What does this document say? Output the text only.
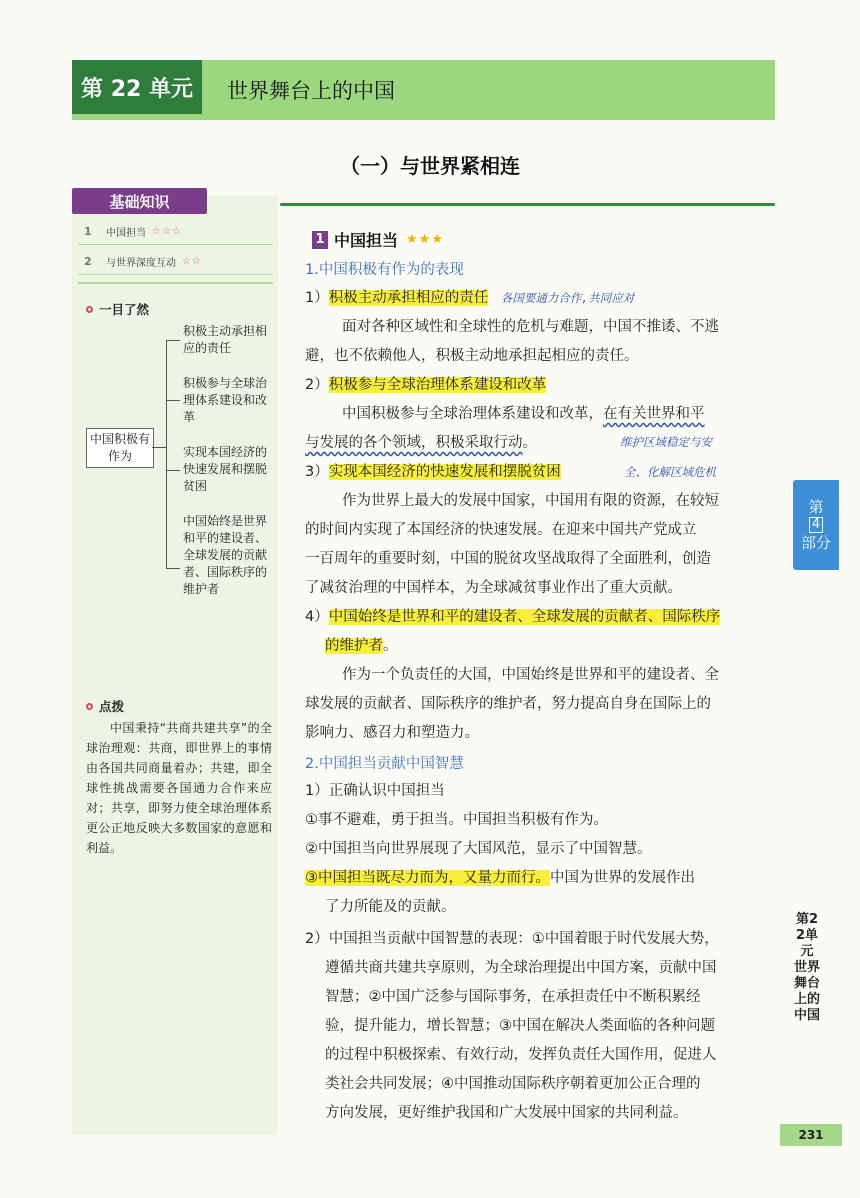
第 22 单元	世界舞台上的中国
（一）与世界紧相连
基础知识
1	中国担当 ☆☆☆
2	与世界深度互动 ☆☆
一目了然
中国积极有作为
积极主动承担相应的责任
积极参与全球治理体系建设和改革
实现本国经济的快速发展和摆脱贫困
中国始终是世界和平的建设者、全球发展的贡献者、国际秩序的维护者
点拨
中国秉持“共商共建共享”的全球治理观：共商，即世界上的事情由各国共同商量着办；共建，即全球性挑战需要各国通力合作来应对；共享，即努力使全球治理体系更公正地反映大多数国家的意愿和利益。
1 中国担当 ★★★
1.中国积极有作为的表现
1）积极主动承担相应的责任 各国要通力合作,共同应对
面对各种区域性和全球性的危机与难题，中国不推诿、不逃
避，也不依赖他人，积极主动地承担起相应的责任。
2）积极参与全球治理体系建设和改革
中国积极参与全球治理体系建设和改革，在有关世界和平
与发展的各个领域，积极采取行动。	维护区域稳定与安
3）实现本国经济的快速发展和摆脱贫困	全、化解区域危机
作为世界上最大的发展中国家，中国用有限的资源，在较短
的时间内实现了本国经济的快速发展。在迎来中国共产党成立
一百周年的重要时刻，中国的脱贫攻坚战取得了全面胜利，创造
了减贫治理的中国样本，为全球减贫事业作出了重大贡献。
4）中国始终是世界和平的建设者、全球发展的贡献者、国际秩序
的维护者。
作为一个负责任的大国，中国始终是世界和平的建设者、全
球发展的贡献者、国际秩序的维护者，努力提高自身在国际上的
影响力、感召力和塑造力。
2.中国担当贡献中国智慧
1）正确认识中国担当
①事不避难，勇于担当。中国担当积极有作为。
②中国担当向世界展现了大国风范，显示了中国智慧。
③中国担当既尽力而为，又量力而行。中国为世界的发展作出
了力所能及的贡献。
2）中国担当贡献中国智慧的表现：①中国着眼于时代发展大势，
遵循共商共建共享原则，为全球治理提出中国方案，贡献中国
智慧；②中国广泛参与国际事务，在承担责任中不断积累经
验，提升能力，增长智慧；③中国在解决人类面临的各种问题
的过程中积极探索、有效行动，发挥负责任大国作用，促进人
类社会共同发展；④中国推动国际秩序朝着更加公正合理的
方向发展，更好维护我国和广大发展中国家的共同利益。
第
4
部分
第22单元 世界舞台上的中国
231
